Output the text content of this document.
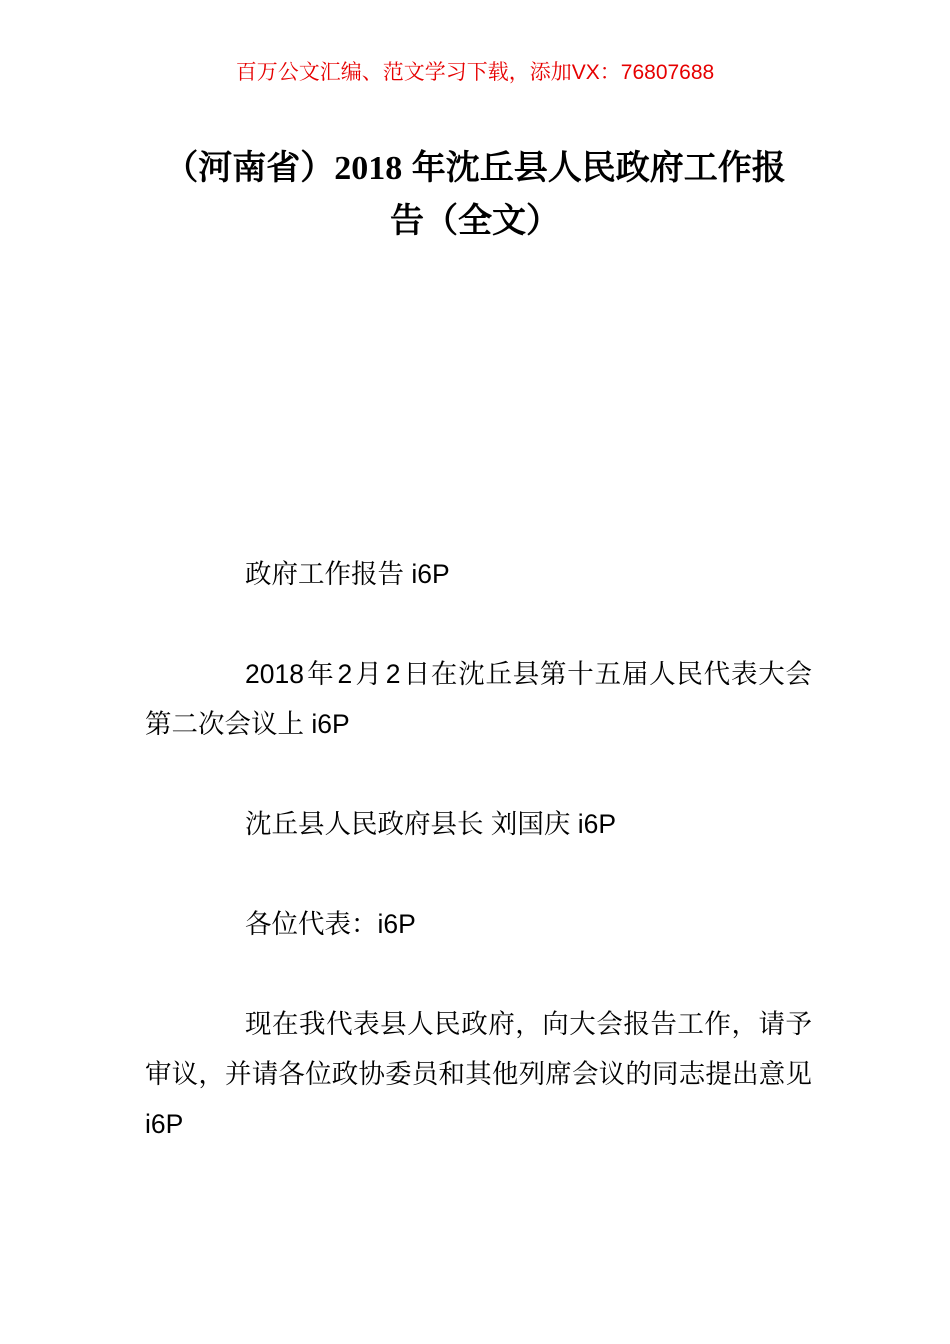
百万公文汇编、范文学习下载，添加VX：76807688
（河南省）2018 年沈丘县人民政府工作报
告（全文）
政府工作报告 i6P
2018 年 2 月 2 日在沈丘县第十五届人民代表大会
第二次会议上 i6P
沈丘县人民政府县长 刘国庆 i6P
各位代表：i6P
现在我代表县人民政府，向大会报告工作，请予
审议，并请各位政协委员和其他列席会议的同志提出意见
i6P
